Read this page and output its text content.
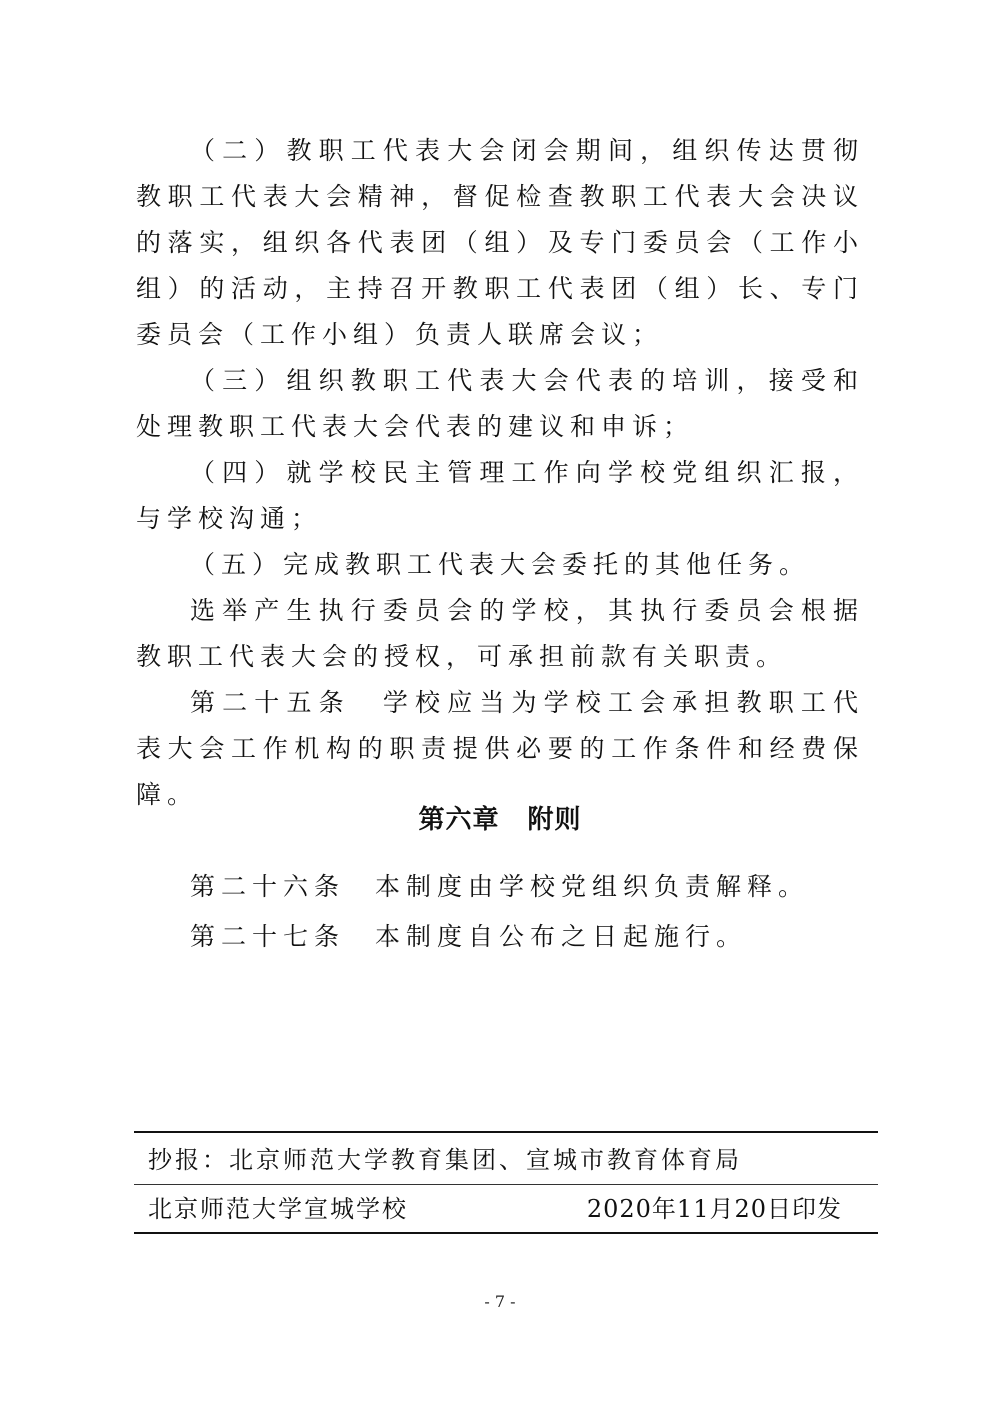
（二）教职工代表大会闭会期间，组织传达贯彻教职工代表大会精神，督促检查教职工代表大会决议的落实，组织各代表团（组）及专门委员会（工作小组）的活动，主持召开教职工代表团（组）长、专门委员会（工作小组）负责人联席会议；

（三）组织教职工代表大会代表的培训，接受和处理教职工代表大会代表的建议和申诉；

（四）就学校民主管理工作向学校党组织汇报，与学校沟通；

（五）完成教职工代表大会委托的其他任务。

选举产生执行委员会的学校，其执行委员会根据教职工代表大会的授权，可承担前款有关职责。

第二十五条　学校应当为学校工会承担教职工代表大会工作机构的职责提供必要的工作条件和经费保障。

第六章 附则

第二十六条 本制度由学校党组织负责解释。

第二十七条 本制度自公布之日起施行。

抄报：北京师范大学教育集团、宣城市教育体育局
北京师范大学宣城学校	2020年11月20日印发
- 7 -
